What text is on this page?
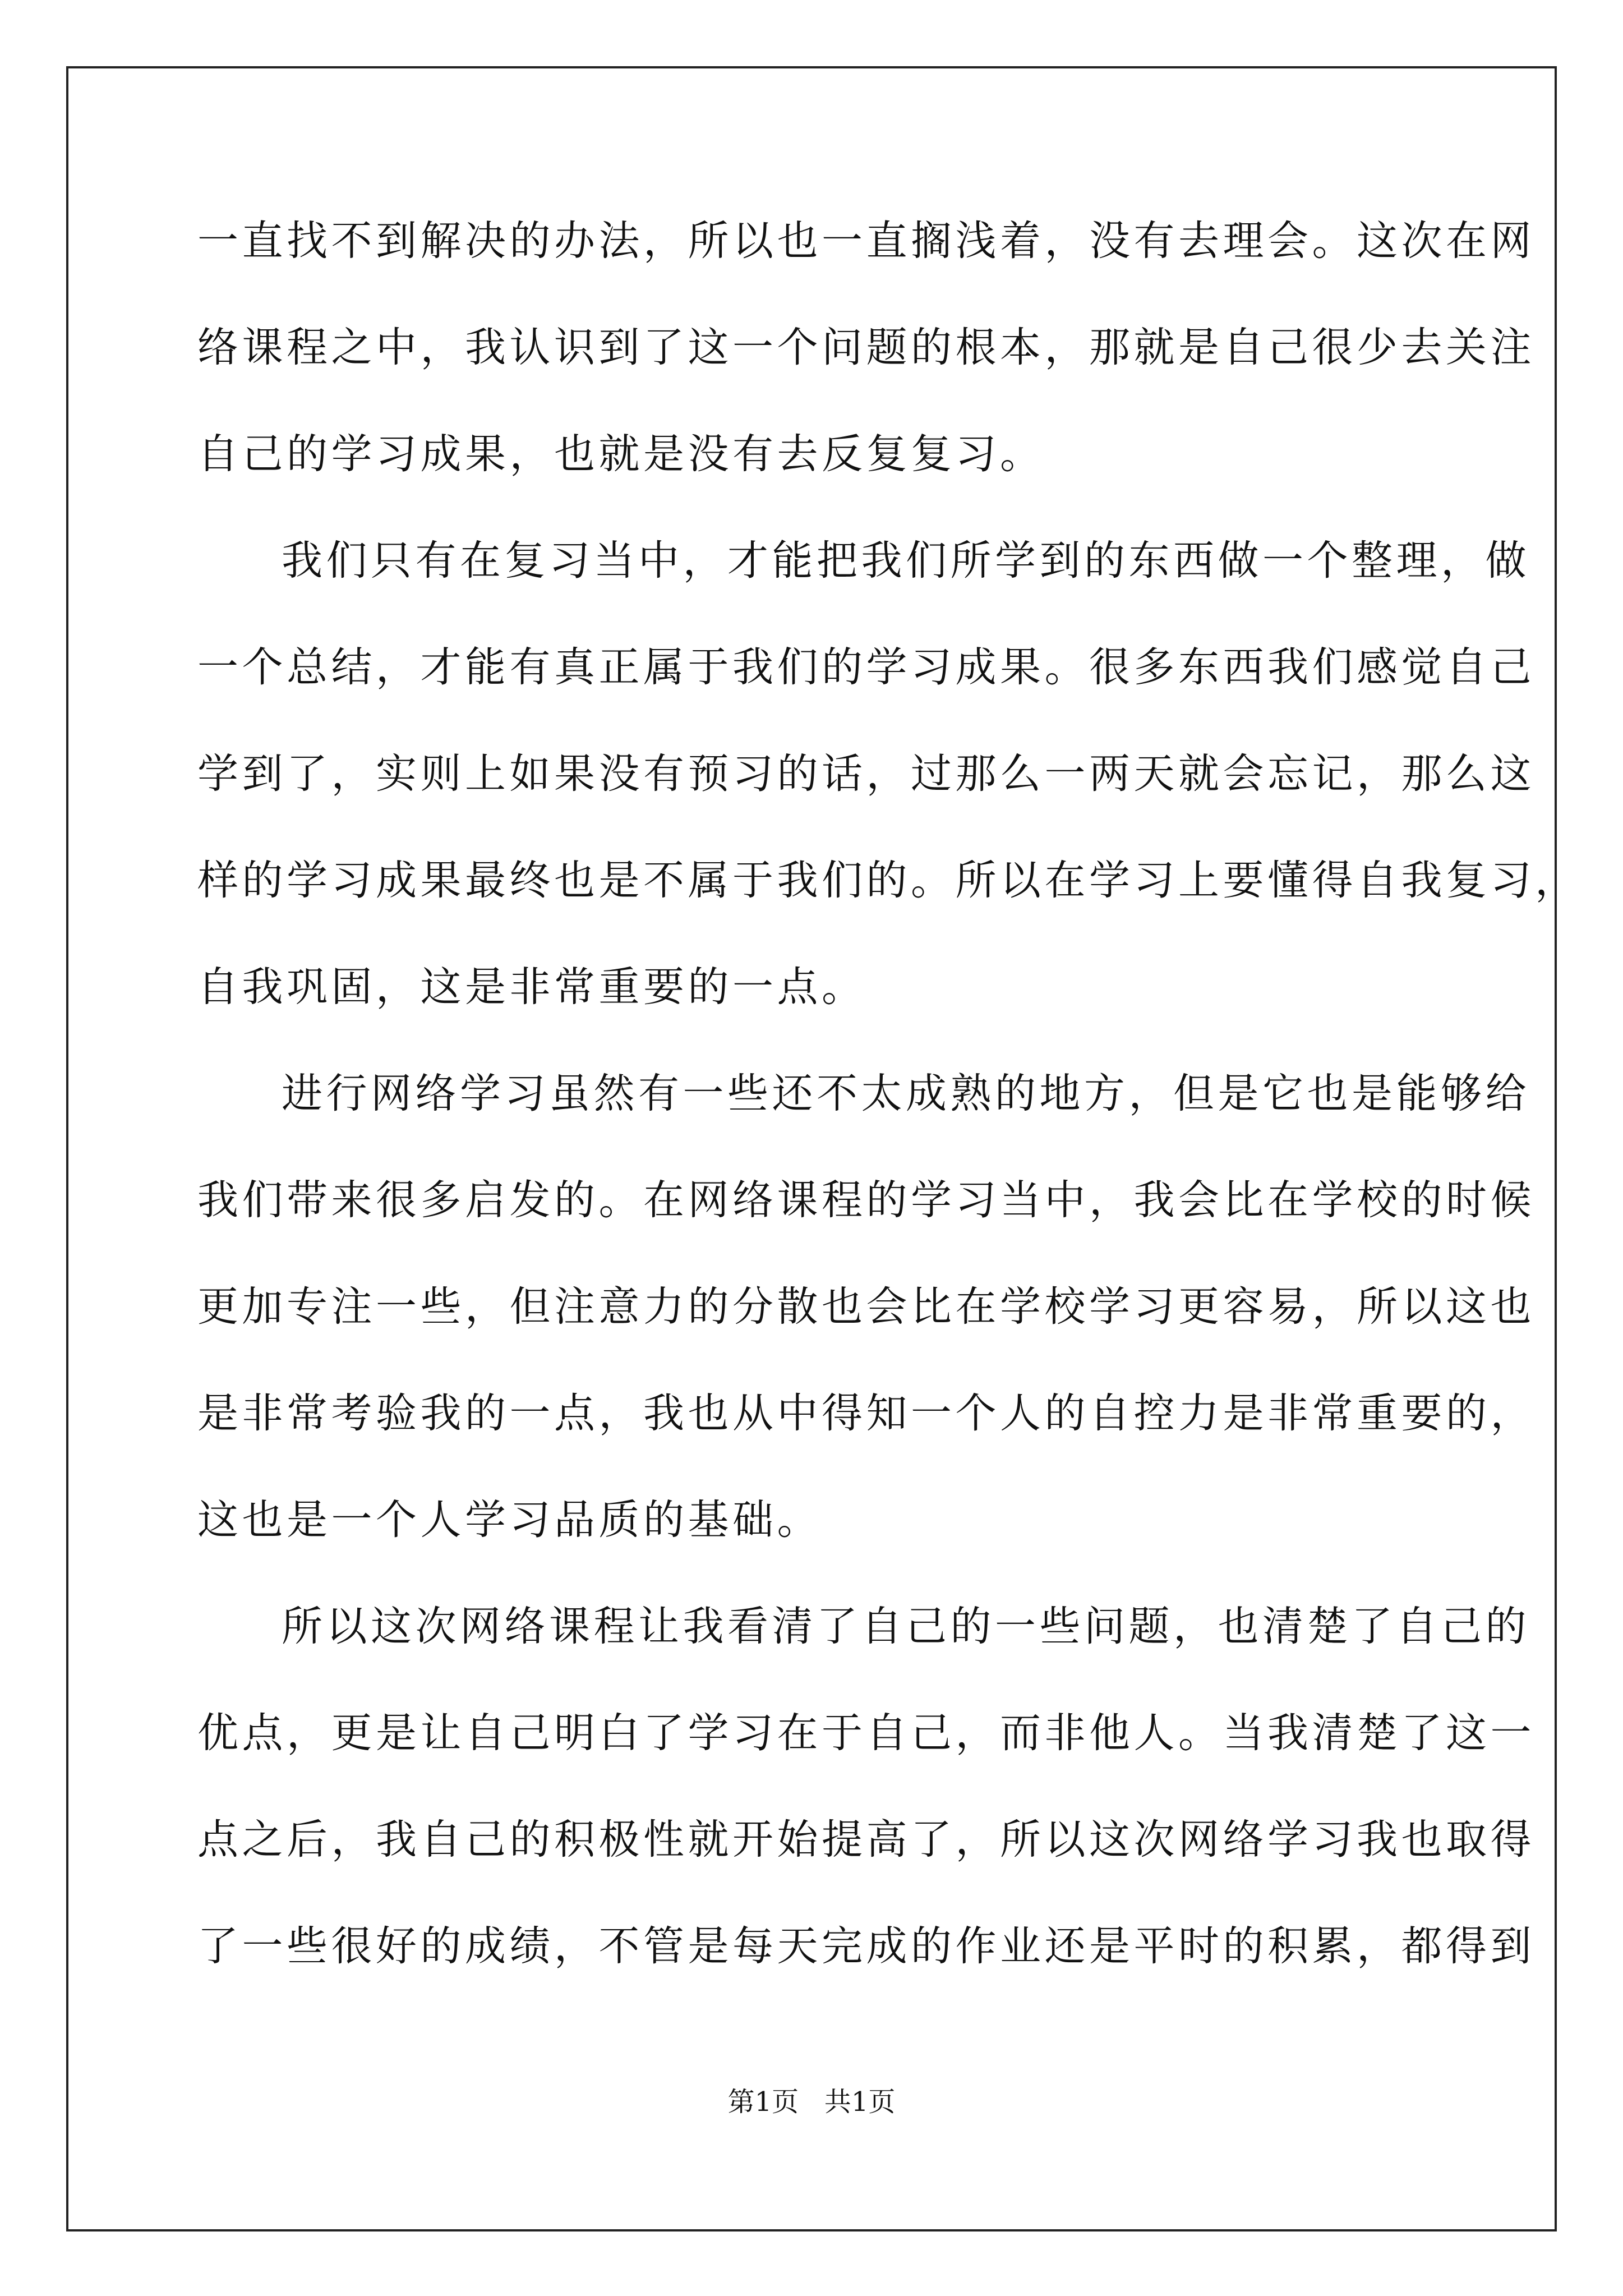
一直找不到解决的办法，所以也一直搁浅着，没有去理会。这次在网
络课程之中，我认识到了这一个问题的根本，那就是自己很少去关注
自己的学习成果，也就是没有去反复复习。
我们只有在复习当中，才能把我们所学到的东西做一个整理，做
一个总结，才能有真正属于我们的学习成果。很多东西我们感觉自己
学到了，实则上如果没有预习的话，过那么一两天就会忘记，那么这
样的学习成果最终也是不属于我们的。所以在学习上要懂得自我复习，
自我巩固，这是非常重要的一点。
进行网络学习虽然有一些还不太成熟的地方，但是它也是能够给
我们带来很多启发的。在网络课程的学习当中，我会比在学校的时候
更加专注一些，但注意力的分散也会比在学校学习更容易，所以这也
是非常考验我的一点，我也从中得知一个人的自控力是非常重要的，
这也是一个人学习品质的基础。
所以这次网络课程让我看清了自己的一些问题，也清楚了自己的
优点，更是让自己明白了学习在于自己，而非他人。当我清楚了这一
点之后，我自己的积极性就开始提高了，所以这次网络学习我也取得
了一些很好的成绩，不管是每天完成的作业还是平时的积累，都得到
第1页   共1页
